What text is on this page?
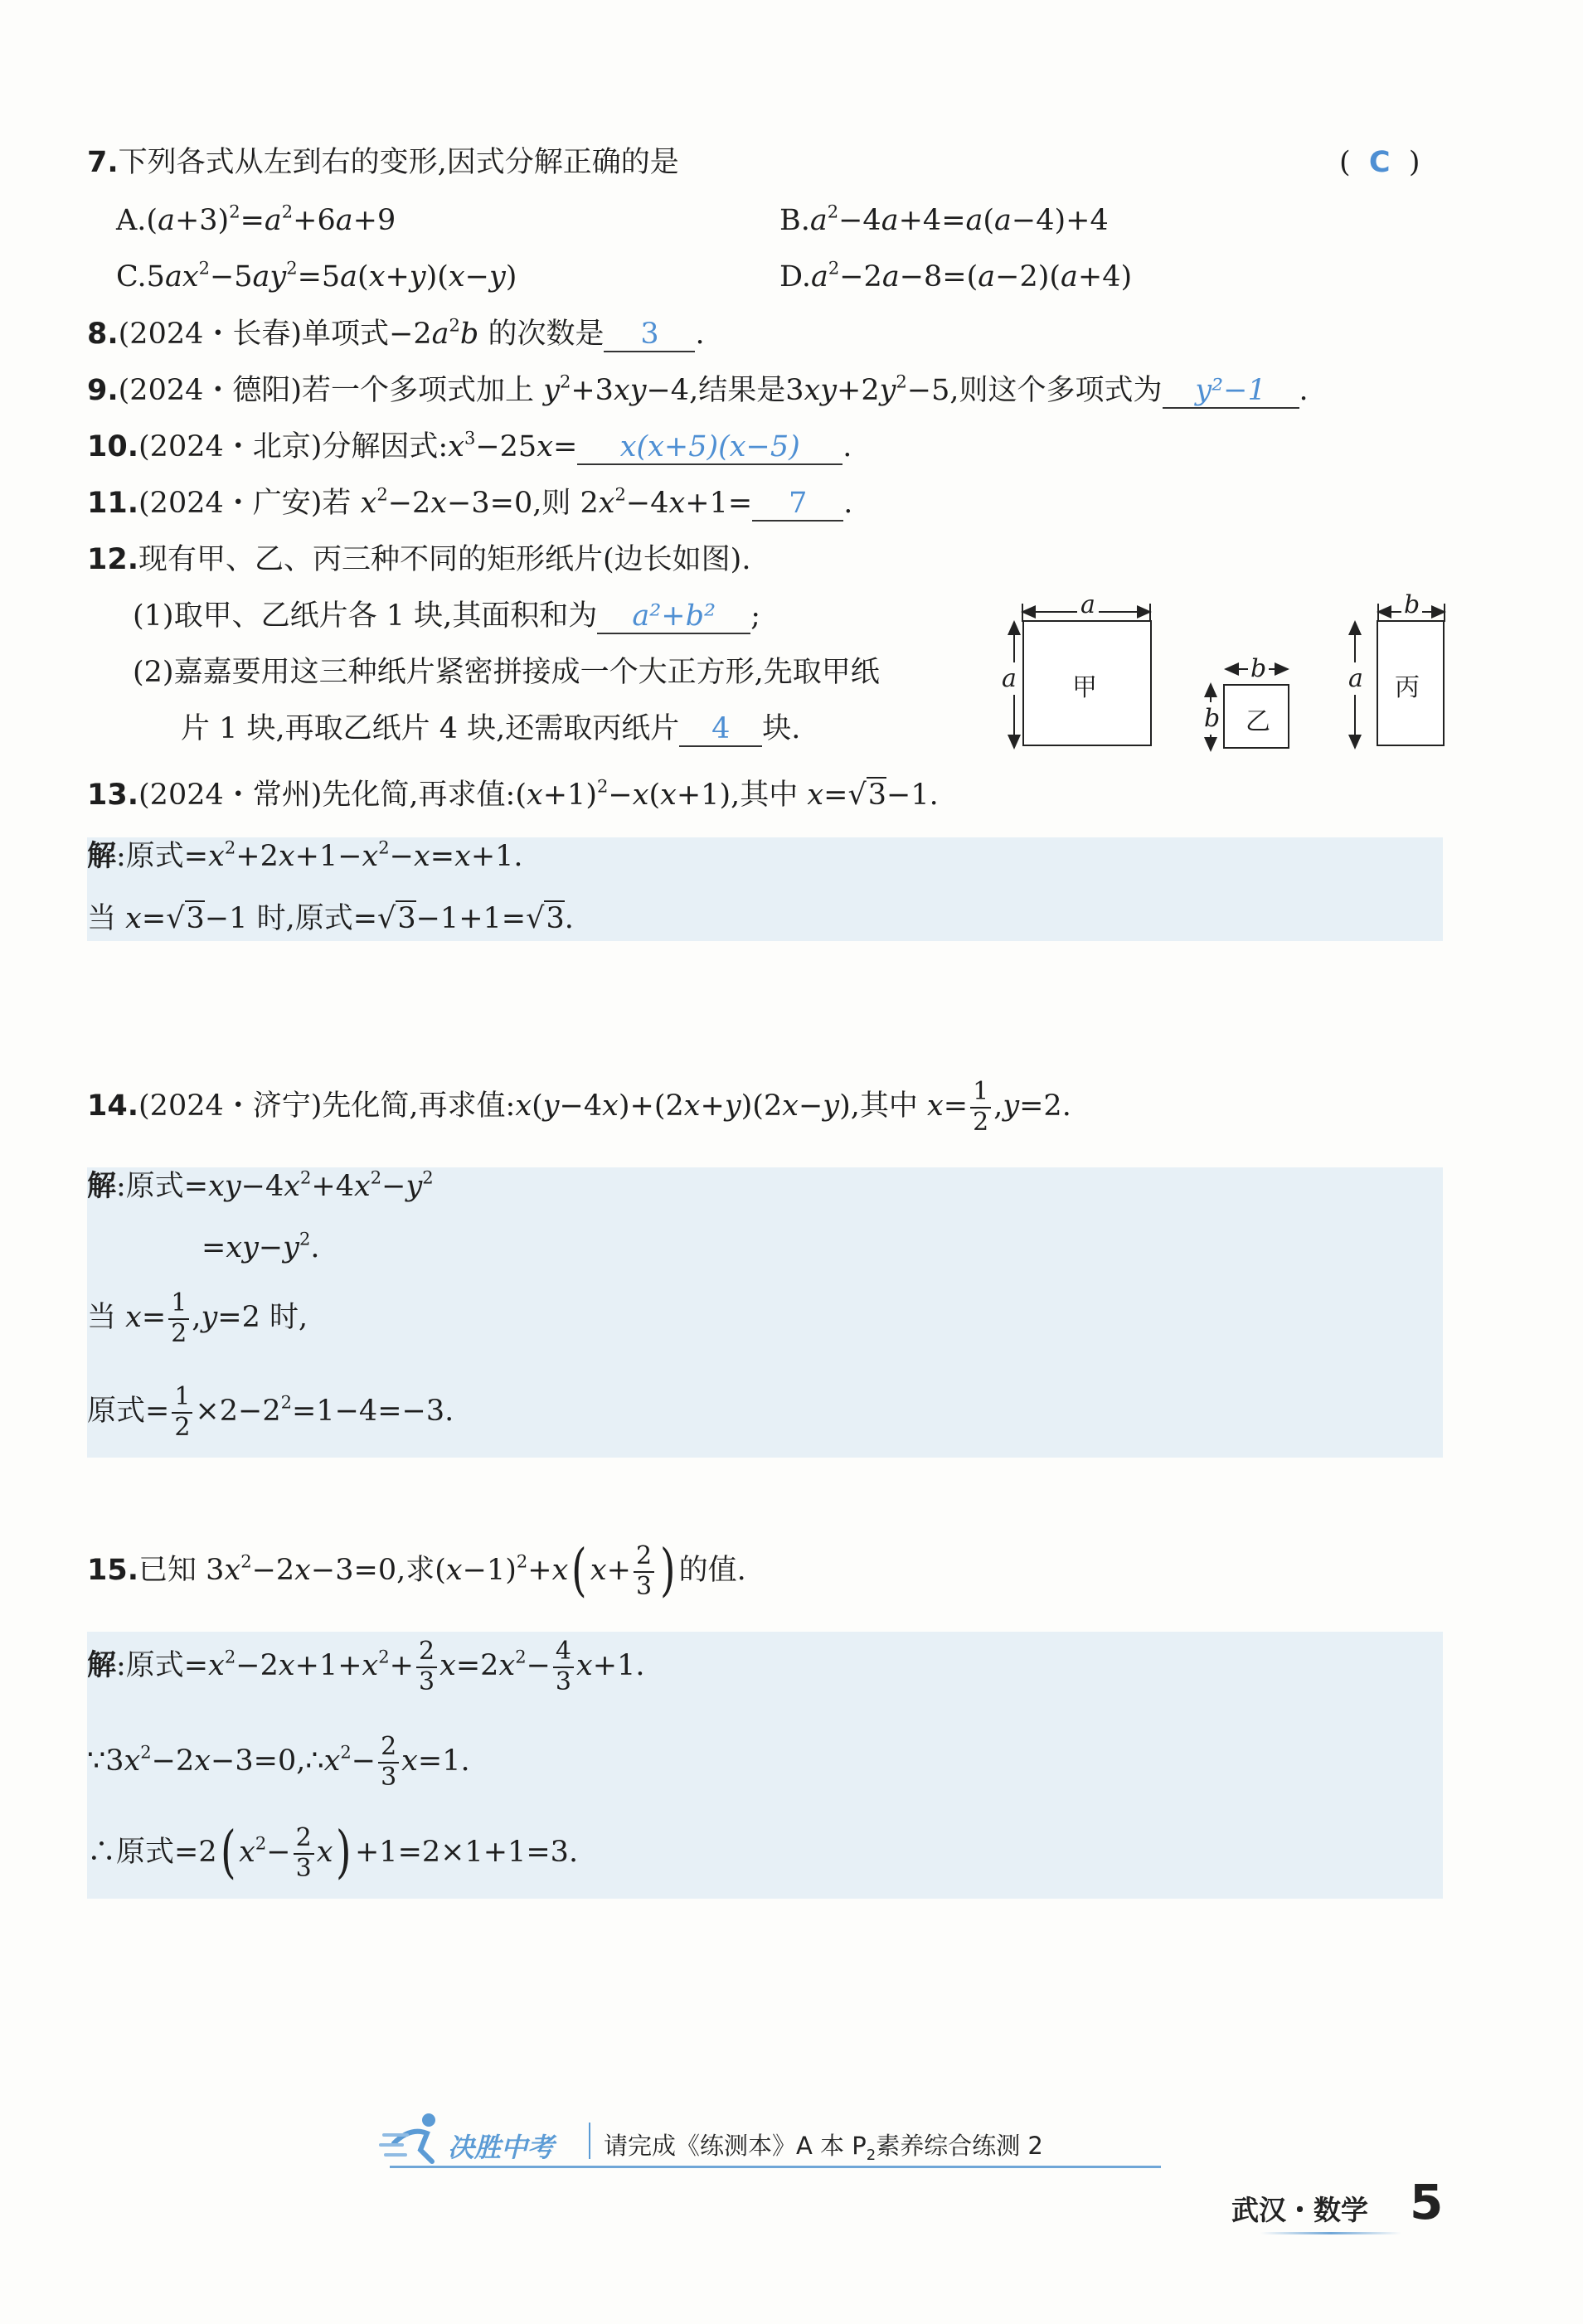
7.下列各式从左到右的变形,因式分解正确的是	(  C  )
$A.(a+3)^2=a^2+6a+9$	$B.a^2-4a+4=a(a-4)+4$
$C.5ax^2-5ay^2=5a(x+y)(x-y)$	$D.a^2-2a-8=(a-2)(a+4)$
8.(2024・长春)单项式$-2a^2b$ 的次数是 3 .
9.(2024・德阳)若一个多项式加上 $y^2+3xy-4$,结果是$3xy+2y^2-5$,则这个多项式为 y²−1 .
10.(2024・北京)分解因式$:x^3-25x= x(x+5)(x-5)$ .
11.(2024・广安)若 $x^2-2x-3=0$,则 $2x^2-4x+1= 7$ .
12.现有甲、乙、丙三种不同的矩形纸片(边长如图).
(1)取甲、乙纸片各 1 块,其面积和为 a²+b² ;
(2)嘉嘉要用这三种纸片紧密拼接成一个大正方形,先取甲纸
片 1 块,再取乙纸片 4 块,还需取丙纸片 4 块.
甲
a
a
乙
b
b
丙
b
a
13.(2024・常州)先化简,再求值$:(x+1)^2-x(x+1)$,其中 x=√3−1.
解:原式$=x^2+2x+1-x^2-x=x+1$.
当 x=√3−1 时,原式=√3−1+1=√3.
14.(2024・济宁)先化简,再求值:x(y−4x)+(2x+y)(2x−y),其中 $x= \frac{1}{2} ,y=2$.
解:原式$=xy-4x^2+4x^2-y^2$
$=xy-y^2$.
当 $x= \frac{1}{2} ,y=2$ 时,
原式= $\frac{1}{2} \times 2-2^2=1-4=-3$.
15.已知 $3x^2-2x-3=0$,求$(x-1)^2+x$( $x+ \frac{2}{3}$ ) 的值.
解:原式$=x^2-2x+1+x^2+ \frac{2}{3} x=2x^2- \frac{4}{3} x+1$.
$\because 3x^2-2x-3=0,\therefore x^2- \frac{2}{3} x=1$.
∴原式=2( $x^2- \frac{2}{3} x) +1=2\times 1+1=3$.
决胜中考 请完成《练测本》A 本 $P_2$素养综合练测 2
武汉・数学 5
